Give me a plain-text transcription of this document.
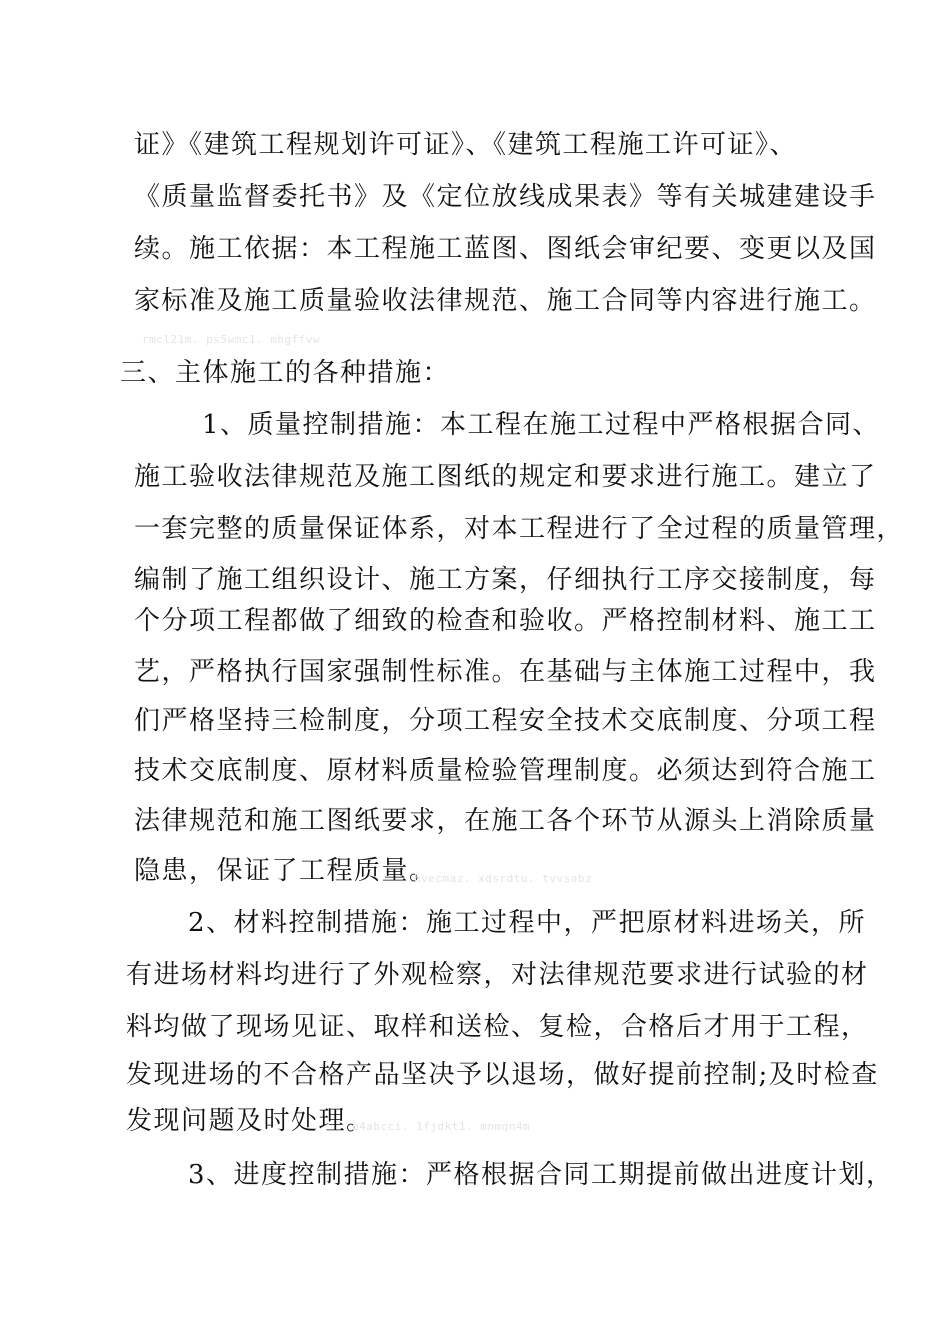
证》《建筑工程规划许可证》、《建筑工程施工许可证》、
《质量监督委托书》及《定位放线成果表》等有关城建建设手
续。施工依据：本工程施工蓝图、图纸会审纪要、变更以及国
家标准及施工质量验收法律规范、施工合同等内容进行施工。
rmcl21m. ps5wmc1. mhgffvw
三、主体施工的各种措施：
1、质量控制措施：本工程在施工过程中严格根据合同、
施工验收法律规范及施工图纸的规定和要求进行施工。建立了
一套完整的质量保证体系，对本工程进行了全过程的质量管理，
编制了施工组织设计、施工方案，仔细执行工序交接制度，每
个分项工程都做了细致的检查和验收。严格控制材料、施工工
艺，严格执行国家强制性标准。在基础与主体施工过程中，我
们严格坚持三检制度，分项工程安全技术交底制度、分项工程
技术交底制度、原材料质量检验管理制度。必须达到符合施工
法律规范和施工图纸要求，在施工各个环节从源头上消除质量
隐患，保证了工程质量。
hvecmaz. xdsrdtu. tvvsabz
2、材料控制措施：施工过程中，严把原材料进场关，所
有进场材料均进行了外观检察，对法律规范要求进行试验的材
料均做了现场见证、取样和送检、复检，合格后才用于工程，
发现进场的不合格产品坚决予以退场，做好提前控制;及时检查
发现问题及时处理。
b4abcci. 1fjdkt1. mnmqn4m
3、进度控制措施：严格根据合同工期提前做出进度计划，
